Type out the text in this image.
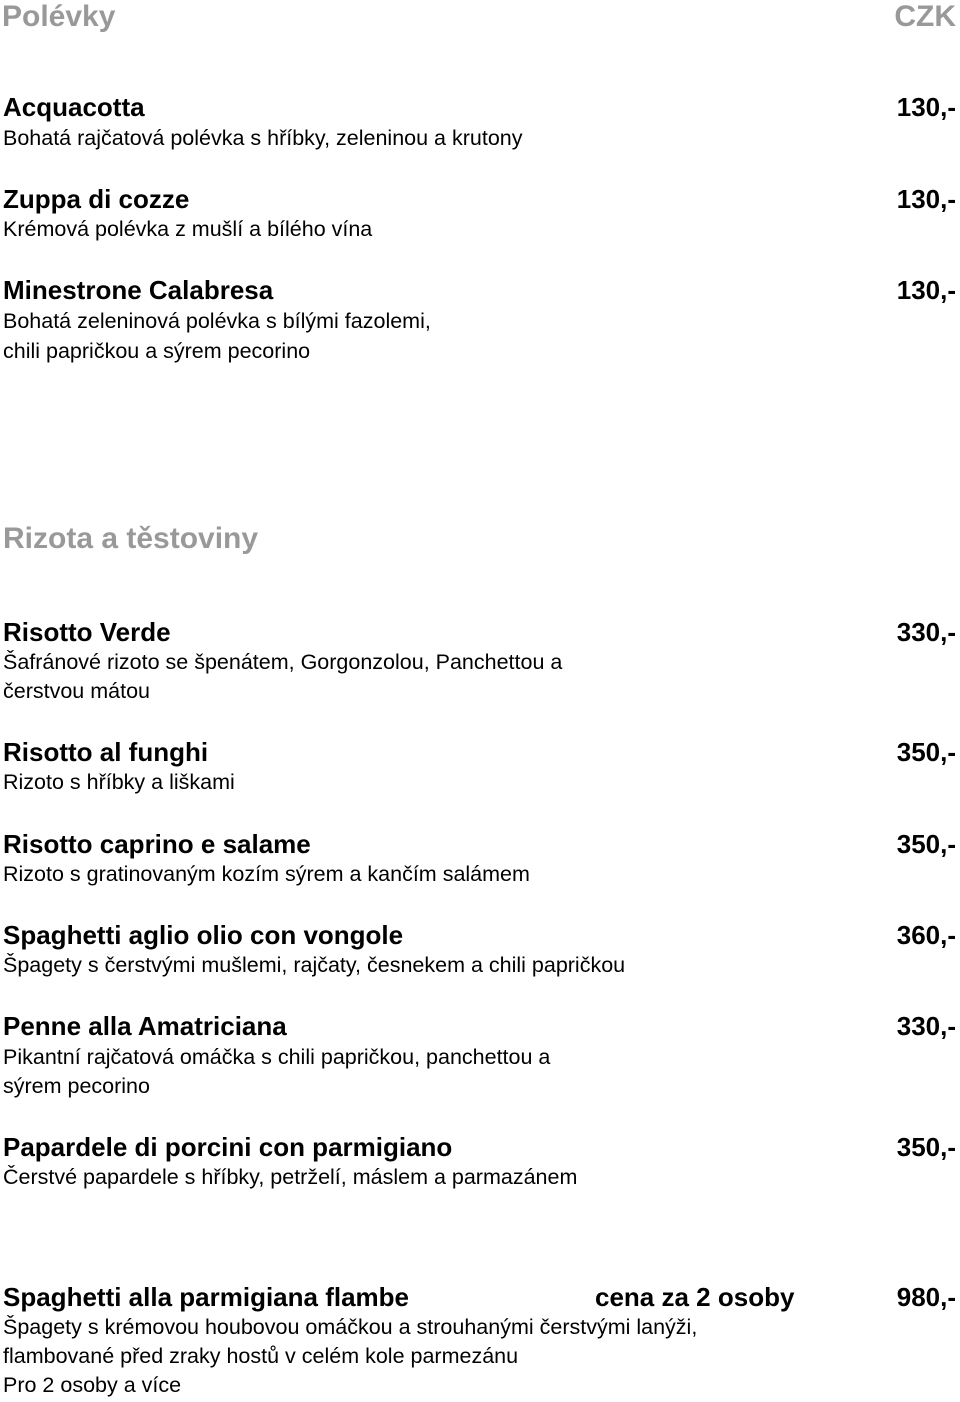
Polévky	CZK
Acquacotta	130,-
Bohatá rajčatová polévka s hříbky, zeleninou a krutony
Zuppa di cozze	130,-
Krémová polévka z mušlí a bílého vína
Minestrone Calabresa	130,-
Bohatá zeleninová polévka s bílými fazolemi,
chili papričkou a sýrem pecorino
Rizota a těstoviny
Risotto Verde	330,-
Šafránové rizoto se špenátem, Gorgonzolou, Panchettou a
čerstvou mátou
Risotto al funghi	350,-
Rizoto s hříbky a liškami
Risotto caprino e salame	350,-
Rizoto s gratinovaným kozím sýrem a kančím salámem
Spaghetti aglio olio con vongole	360,-
Špagety s čerstvými mušlemi, rajčaty, česnekem a chili papričkou
Penne alla Amatriciana	330,-
Pikantní rajčatová omáčka s chili papričkou, panchettou a
sýrem pecorino
Papardele di porcini con parmigiano	350,-
Čerstvé papardele s hříbky, petrželí, máslem a parmazánem
Spaghetti alla parmigiana flambe	cena za 2 osoby	980,-
Špagety s krémovou houbovou omáčkou a strouhanými čerstvými lanýži,
flambované před zraky hostů v celém kole parmezánu
Pro 2 osoby a více
